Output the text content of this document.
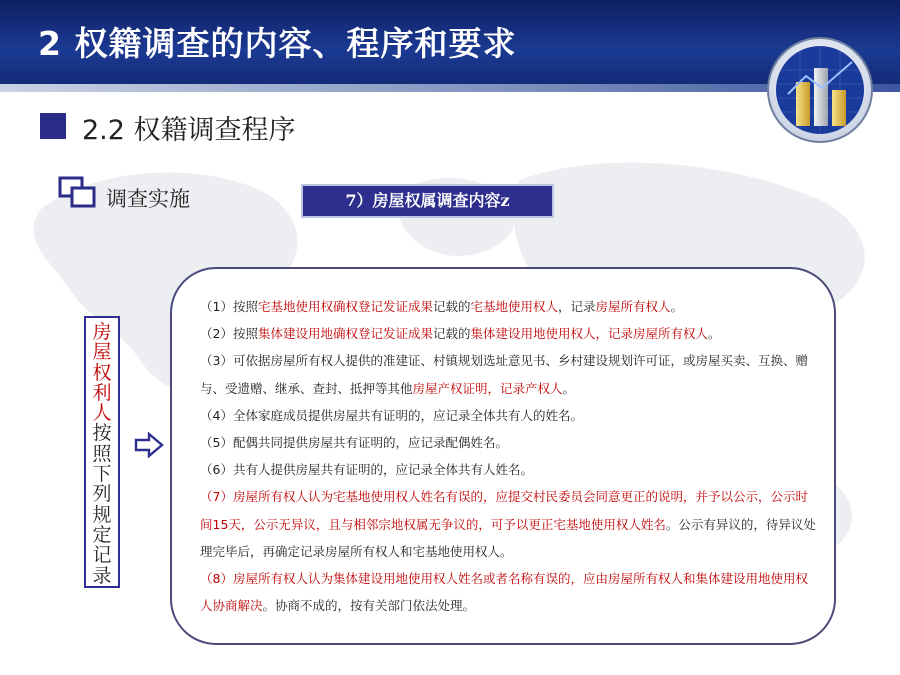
2 权籍调查的内容、程序和要求
2.2 权籍调查程序
调查实施	7）房屋权属调查内容z
房
屋
权
利
人
按
照
下
列
规
定
记
录

（1）按照宅基地使用权确权登记发证成果记载的宅基地使用权人，记录房屋所有权人。

（2）按照集体建设用地确权登记发证成果记载的集体建设用地使用权人，记录房屋所有权人。

（3）可依据房屋所有权人提供的准建证、村镇规划选址意见书、乡村建设规划许可证，或房屋买卖、互换、赠与、受遗赠、继承、查封、抵押等其他房屋产权证明，记录产权人。

（4）全体家庭成员提供房屋共有证明的，应记录全体共有人的姓名。

（5）配偶共同提供房屋共有证明的，应记录配偶姓名。

（6）共有人提供房屋共有证明的，应记录全体共有人姓名。

（7）房屋所有权人认为宅基地使用权人姓名有误的，应提交村民委员会同意更正的说明，并予以公示，公示时间15天，公示无异议，且与相邻宗地权属无争议的，可予以更正宅基地使用权人姓名。公示有异议的，待异议处理完毕后，再确定记录房屋所有权人和宅基地使用权人。

（8）房屋所有权人认为集体建设用地使用权人姓名或者名称有误的，应由房屋所有权人和集体建设用地使用权人协商解决。协商不成的，按有关部门依法处理。
